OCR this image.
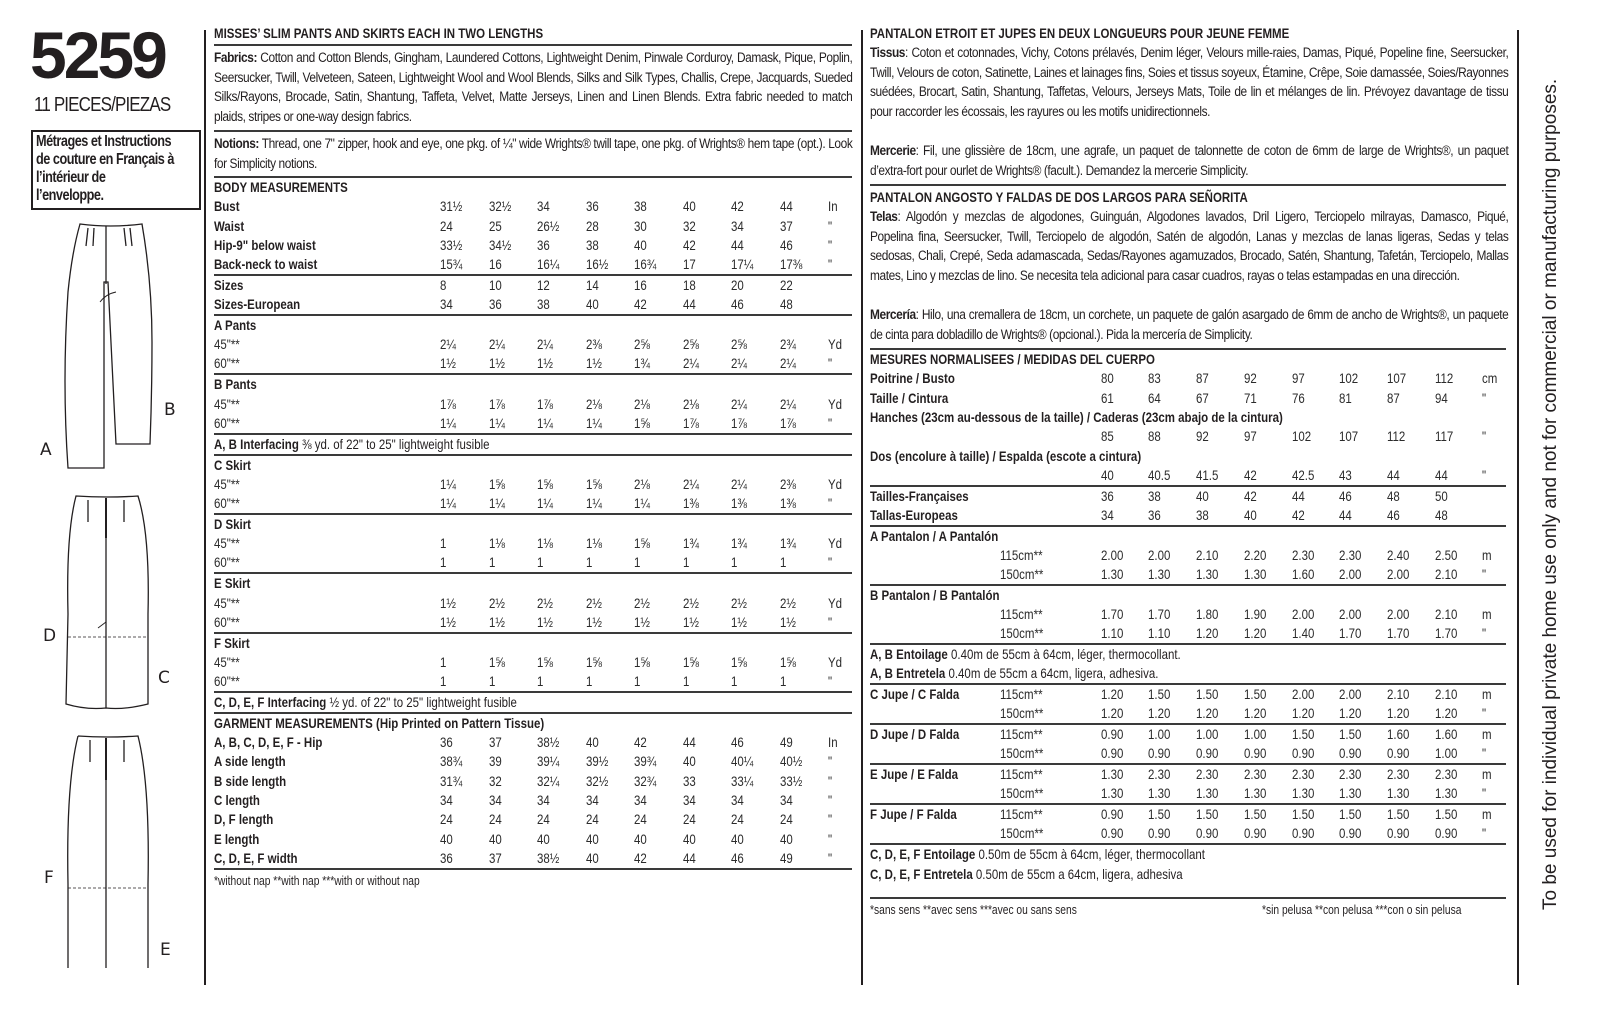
5259
11 PIECES/PIEZAS
Métrages et Instructions
de couture en Français à
l’intérieur de
l’enveloppe.
A
B
D
C
F
E
MISSES’ SLIM PANTS AND SKIRTS EACH IN TWO LENGTHS

Fabrics: Cotton and Cotton Blends, Gingham, Laundered Cottons, Lightweight Denim, Pinwale Corduroy, Damask, Pique, Poplin, Seersucker, Twill, Velveteen, Sateen, Lightweight Wool and Wool Blends, Silks and Silk Types, Challis, Crepe, Jacquards, Sueded Silks/Rayons, Brocade, Satin, Shantung, Taffeta, Velvet, Matte Jerseys, Linen and Linen Blends. Extra fabric needed to match plaids, stripes or one-way design fabrics.

Notions: Thread, one 7" zipper, hook and eye, one pkg. of ¼" wide Wrights® twill tape, one pkg. of Wrights® hem tape (opt.). Look for Simplicity notions.

BODY MEASUREMENTS									
Bust	31½	32½	34	36	38	40	42	44	In
Waist	24	25	26½	28	30	32	34	37	"
Hip-9" below waist	33½	34½	36	38	40	42	44	46	"
Back-neck to waist	15¾	16	16¼	16½	16¾	17	17¼	17⅜	"
Sizes	8	10	12	14	16	18	20	22	
Sizes-European	34	36	38	40	42	44	46	48	
A Pants									
45"**	2¼	2¼	2¼	2⅜	2⅝	2⅝	2⅝	2¾	Yd
60"**	1½	1½	1½	1½	1¾	2¼	2¼	2¼	"
B Pants									
45"**	1⅞	1⅞	1⅞	2⅛	2⅛	2⅛	2¼	2¼	Yd
60"**	1¼	1¼	1¼	1¼	1⅝	1⅞	1⅞	1⅞	"
A, B Interfacing ⅜ yd. of 22" to 25" lightweight fusible									
C Skirt									
45"**	1¼	1⅝	1⅝	1⅝	2⅛	2¼	2¼	2⅜	Yd
60"**	1¼	1¼	1¼	1¼	1¼	1⅜	1⅜	1⅜	"
D Skirt									
45"**	1	1⅛	1⅛	1⅛	1⅝	1¾	1¾	1¾	Yd
60"**	1	1	1	1	1	1	1	1	"
E Skirt									
45"**	1½	2½	2½	2½	2½	2½	2½	2½	Yd
60"**	1½	1½	1½	1½	1½	1½	1½	1½	"
F Skirt									
45"**	1	1⅝	1⅝	1⅝	1⅝	1⅝	1⅝	1⅝	Yd
60"**	1	1	1	1	1	1	1	1	"
C, D, E, F Interfacing ½ yd. of 22" to 25" lightweight fusible									
GARMENT MEASUREMENTS (Hip Printed on Pattern Tissue)									
A, B, C, D, E, F - Hip	36	37	38½	40	42	44	46	49	In
A side length	38¾	39	39¼	39½	39¾	40	40¼	40½	"
B side length	31¾	32	32¼	32½	32¾	33	33¼	33½	"
C length	34	34	34	34	34	34	34	34	"
D, F length	24	24	24	24	24	24	24	24	"
E length	40	40	40	40	40	40	40	40	"
C, D, E, F width	36	37	38½	40	42	44	46	49	"
*without nap **with nap ***with or without nap
PANTALON ETROIT ET JUPES EN DEUX LONGUEURS POUR JEUNE FEMME

Tissus: Coton et cotonnades, Vichy, Cotons prélavés, Denim léger, Velours mille-raies, Damas, Piqué, Popeline fine, Seersucker, Twill, Velours de coton, Satinette, Laines et lainages fins, Soies et tissus soyeux, Étamine, Crêpe, Soie damassée, Soies/Rayonnes suédées, Brocart, Satin, Shantung, Taffetas, Velours, Jerseys Mats, Toile de lin et mélanges de lin. Prévoyez davantage de tissu pour raccorder les écossais, les rayures ou les motifs unidirectionnels.

Mercerie: Fil, une glissière de 18cm, une agrafe, un paquet de talonnette de coton de 6mm de large de Wrights®, un paquet d’extra-fort pour ourlet de Wrights® (facult.). Demandez la mercerie Simplicity.

PANTALON ANGOSTO Y FALDAS DE DOS LARGOS PARA SEÑORITA

Telas: Algodón y mezclas de algodones, Guinguán, Algodones lavados, Dril Ligero, Terciopelo milrayas, Damasco, Piqué, Popelina fina, Seersucker, Twill, Terciopelo de algodón, Satén de algodón, Lanas y mezclas de lanas ligeras, Sedas y telas sedosas, Chali, Crepé, Seda adamascada, Sedas/Rayones agamuzados, Brocado, Satén, Shantung, Tafetán, Terciopelo, Mallas mates, Lino y mezclas de lino. Se necesita tela adicional para casar cuadros, rayas o telas estampadas en una dirección.

Mercería: Hilo, una cremallera de 18cm, un corchete, un paquete de galón asargado de 6mm de ancho de Wrights®, un paquete de cinta para dobladillo de Wrights® (opcional.). Pida la mercería de Simplicity.

MESURES NORMALISEES / MEDIDAS DEL CUERPO									
Poitrine / Busto	80	83	87	92	97	102	107	112	cm
Taille / Cintura	61	64	67	71	76	81	87	94	"
Hanches (23cm au-dessous de la taille) / Caderas (23cm abajo de la cintura)									
	85	88	92	97	102	107	112	117	"
Dos (encolure à taille) / Espalda (escote a cintura)									
	40	40.5	41.5	42	42.5	43	44	44	"
Tailles-Françaises	36	38	40	42	44	46	48	50	
Tallas-Europeas	34	36	38	40	42	44	46	48	
A Pantalon / A Pantalón									
115cm**	2.00	2.00	2.10	2.20	2.30	2.30	2.40	2.50	m
150cm**	1.30	1.30	1.30	1.30	1.60	2.00	2.00	2.10	"
B Pantalon / B Pantalón									
115cm**	1.70	1.70	1.80	1.90	2.00	2.00	2.00	2.10	m
150cm**	1.10	1.10	1.20	1.20	1.40	1.70	1.70	1.70	"
A, B Entoilage 0.40m de 55cm à 64cm, léger, thermocollant.									
A, B Entretela 0.40m de 55cm a 64cm, ligera, adhesiva.									

C Jupe / C Falda 115cm**	1.20	1.50	1.50	1.50	2.00	2.00	2.10	2.10	m

150cm**	1.20	1.20	1.20	1.20	1.20	1.20	1.20	1.20	"

D Jupe / D Falda 115cm**	0.90	1.00	1.00	1.00	1.50	1.50	1.60	1.60	m

150cm**	0.90	0.90	0.90	0.90	0.90	0.90	0.90	1.00	"

E Jupe / E Falda 115cm**	1.30	2.30	2.30	2.30	2.30	2.30	2.30	2.30	m

150cm**	1.30	1.30	1.30	1.30	1.30	1.30	1.30	1.30	"

F Jupe / F Falda 115cm**	0.90	1.50	1.50	1.50	1.50	1.50	1.50	1.50	m

150cm**	0.90	0.90	0.90	0.90	0.90	0.90	0.90	0.90	"
C, D, E, F Entoilage 0.50m de 55cm à 64cm, léger, thermocollant									
C, D, E, F Entretela 0.50m de 55cm a 64cm, ligera, adhesiva									

*sans sens **avec sens ***avec ou sans sens	*sin pelusa **con pelusa ***con o sin pelusa	To be used for individual private home use only and not for commercial or manufacturing purposes.
